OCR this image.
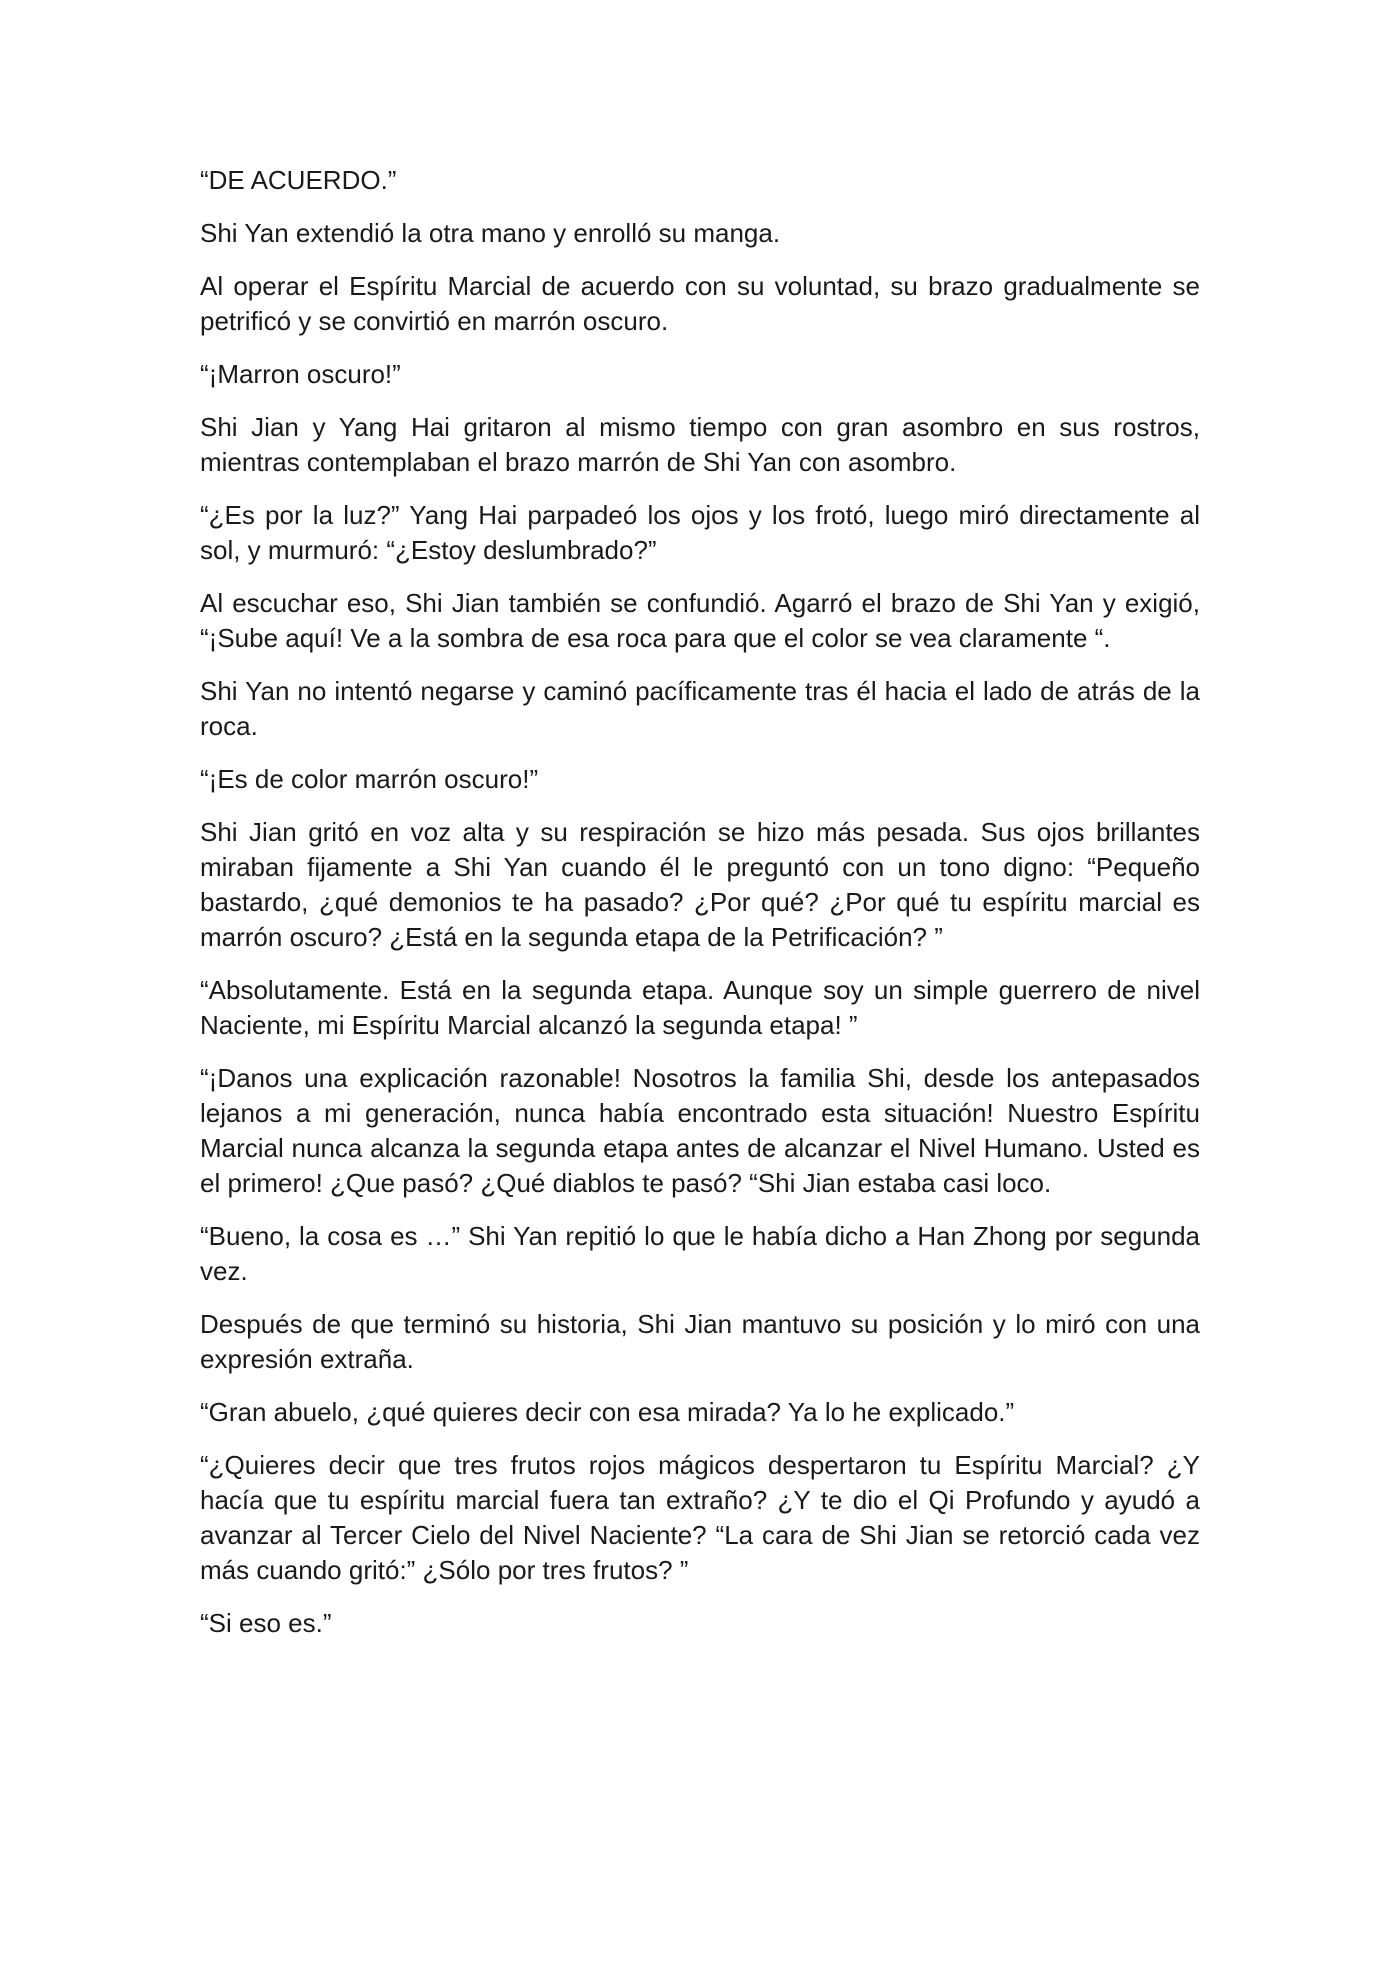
“DE ACUERDO.”

Shi Yan extendió la otra mano y enrolló su manga.

Al operar el Espíritu Marcial de acuerdo con su voluntad, su brazo gradualmente se petrificó y se convirtió en marrón oscuro.

“¡Marron oscuro!”

Shi Jian y Yang Hai gritaron al mismo tiempo con gran asombro en sus rostros, mientras contemplaban el brazo marrón de Shi Yan con asombro.

“¿Es por la luz?” Yang Hai parpadeó los ojos y los frotó, luego miró directamente al sol, y murmuró: “¿Estoy deslumbrado?”

Al escuchar eso, Shi Jian también se confundió. Agarró el brazo de Shi Yan y exigió, “¡Sube aquí! Ve a la sombra de esa roca para que el color se vea claramente “.

Shi Yan no intentó negarse y caminó pacíficamente tras él hacia el lado de atrás de la roca.

“¡Es de color marrón oscuro!”

Shi Jian gritó en voz alta y su respiración se hizo más pesada. Sus ojos brillantes miraban fijamente a Shi Yan cuando él le preguntó con un tono digno: “Pequeño bastardo, ¿qué demonios te ha pasado? ¿Por qué? ¿Por qué tu espíritu marcial es marrón oscuro? ¿Está en la segunda etapa de la Petrificación? ”

“Absolutamente. Está en la segunda etapa. Aunque soy un simple guerrero de nivel Naciente, mi Espíritu Marcial alcanzó la segunda etapa! ”

“¡Danos una explicación razonable! Nosotros la familia Shi, desde los antepasados lejanos a mi generación, nunca había encontrado esta situación! Nuestro Espíritu Marcial nunca alcanza la segunda etapa antes de alcanzar el Nivel Humano. Usted es el primero! ¿Que pasó? ¿Qué diablos te pasó? “Shi Jian estaba casi loco.

“Bueno, la cosa es …” Shi Yan repitió lo que le había dicho a Han Zhong por segunda vez.

Después de que terminó su historia, Shi Jian mantuvo su posición y lo miró con una expresión extraña.

“Gran abuelo, ¿qué quieres decir con esa mirada? Ya lo he explicado.”

“¿Quieres decir que tres frutos rojos mágicos despertaron tu Espíritu Marcial? ¿Y hacía que tu espíritu marcial fuera tan extraño? ¿Y te dio el Qi Profundo y ayudó a avanzar al Tercer Cielo del Nivel Naciente? “La cara de Shi Jian se retorció cada vez más cuando gritó:” ¿Sólo por tres frutos? ”

“Si eso es.”
